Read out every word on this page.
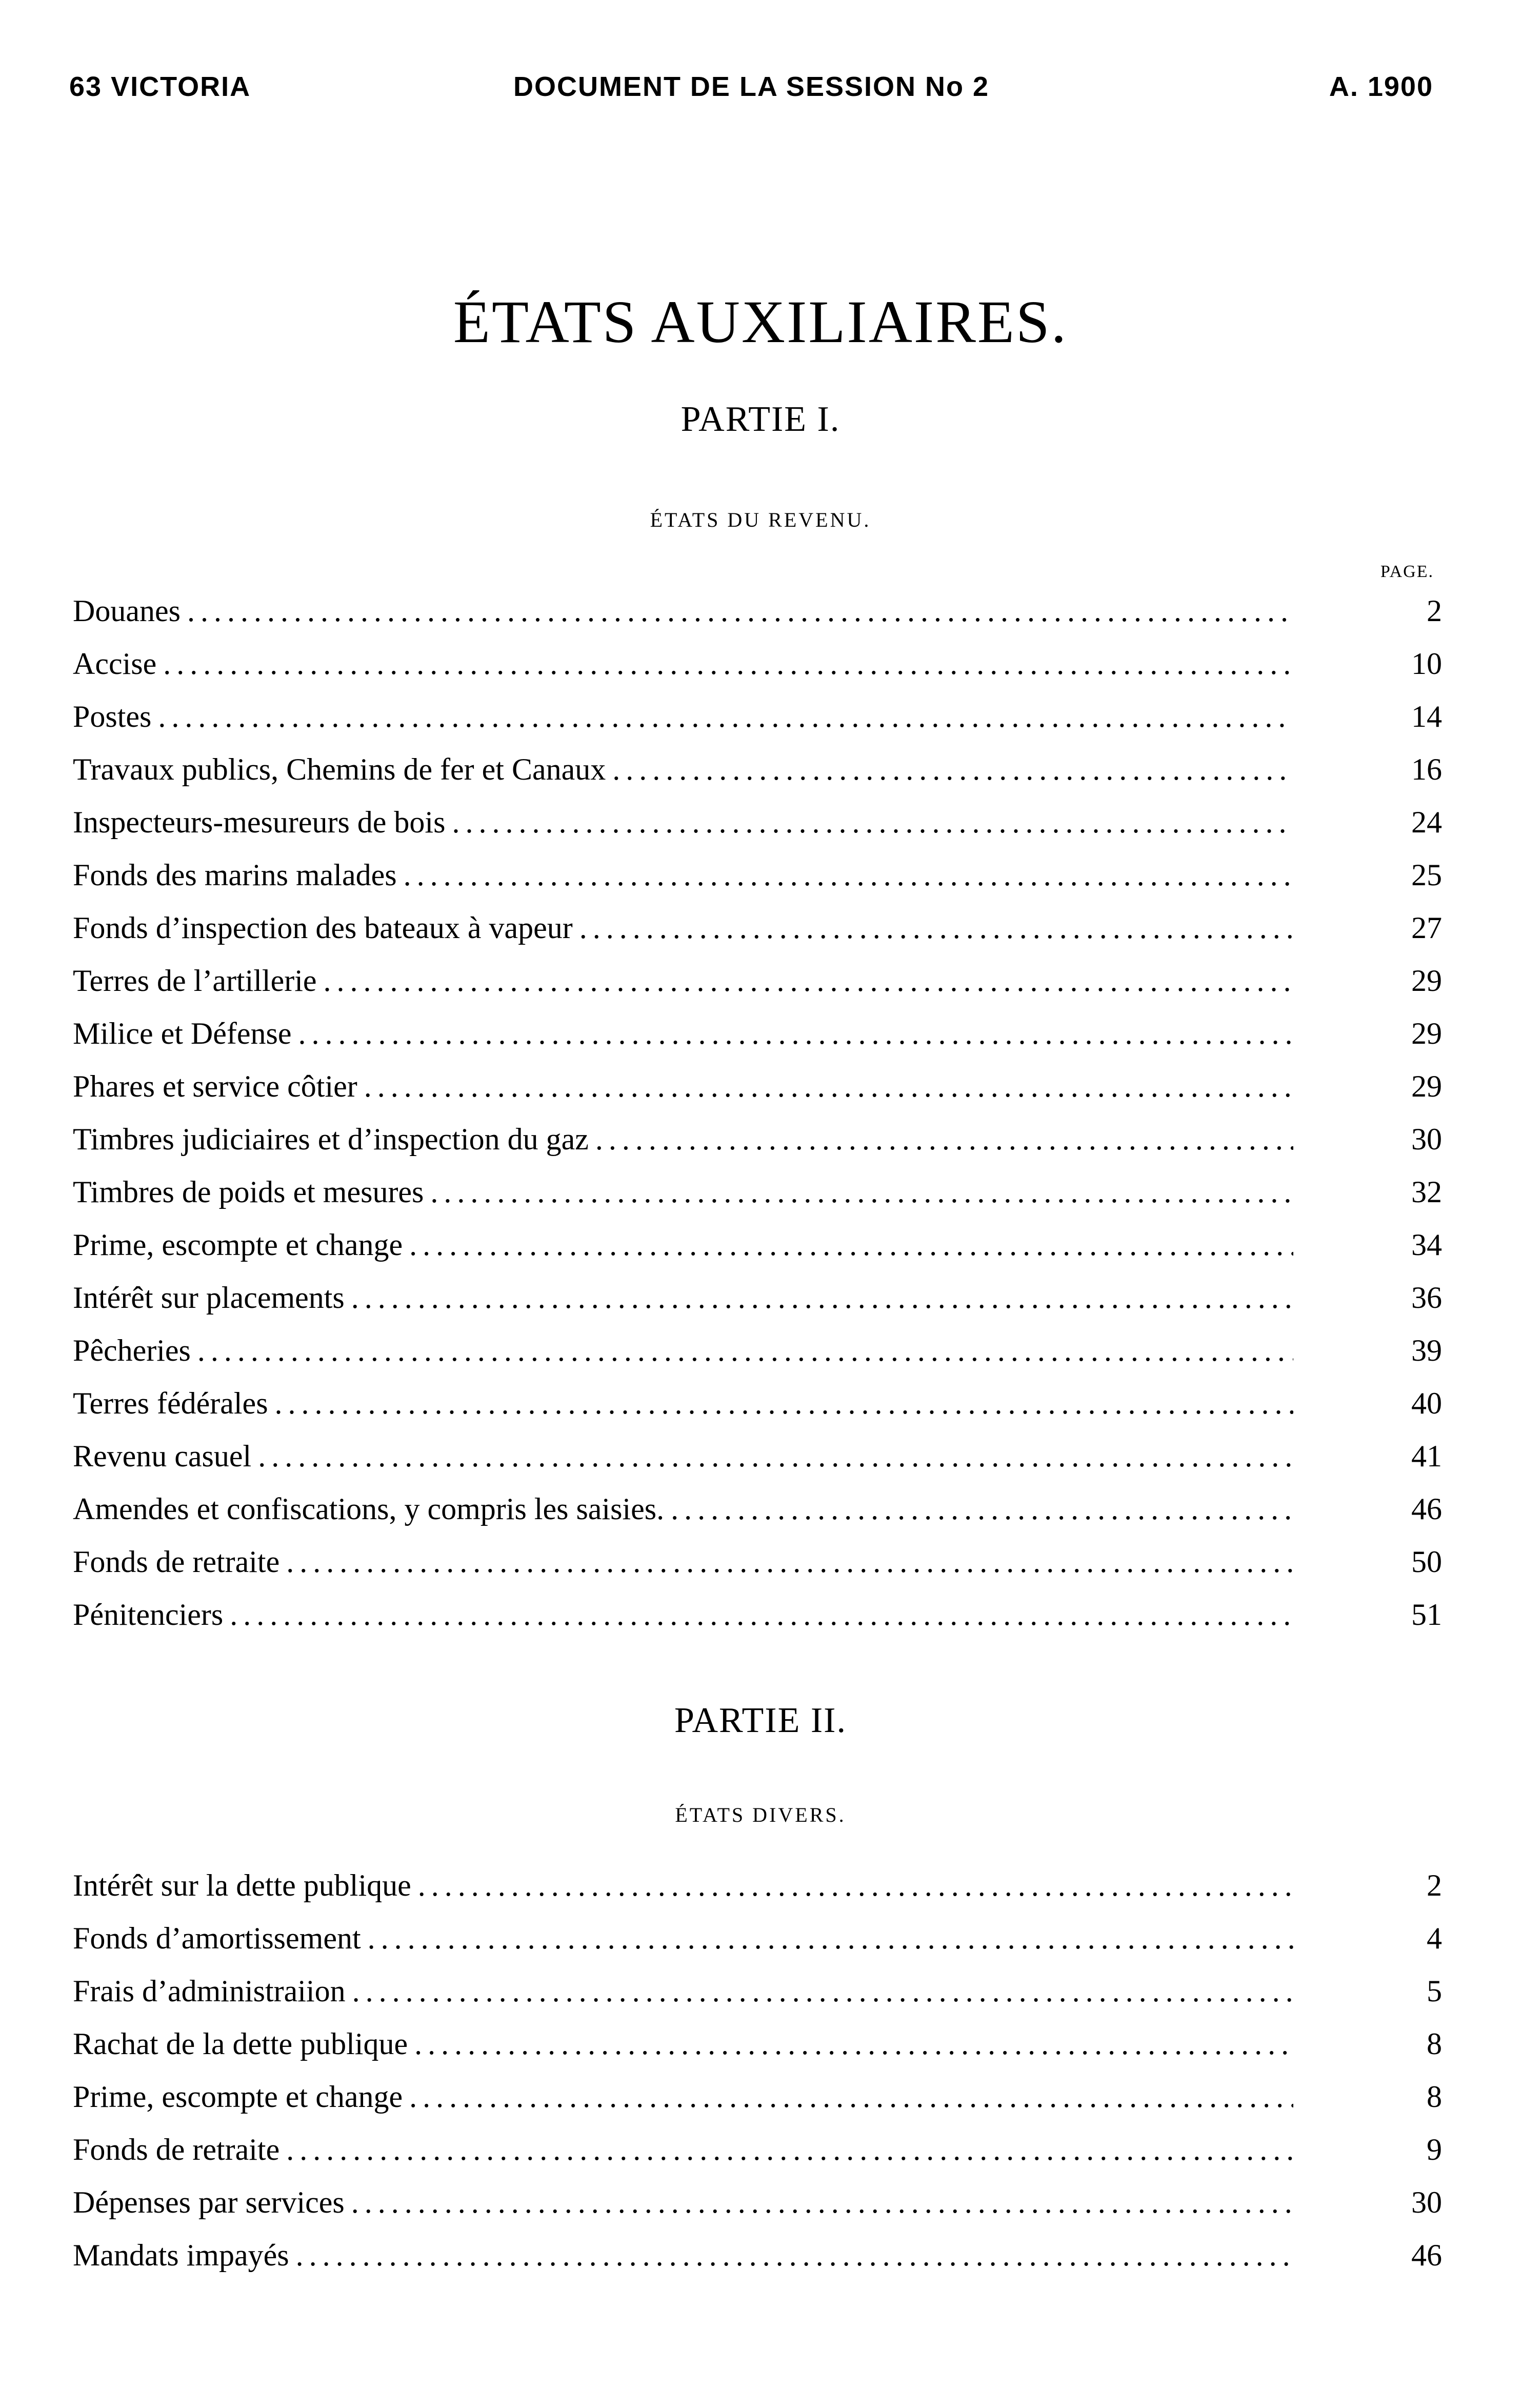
63 VICTORIA	DOCUMENT DE LA SESSION No 2	A. 1900
ÉTATS AUXILIAIRES.
PARTIE I.
ÉTATS DU REVENU.
PAGE.
Douanes . . .	2
Accise . . .	10
Postes . . .	14
Travaux publics, Chemins de fer et Canaux . . .	16
Inspecteurs-mesureurs de bois . . .	24
Fonds des marins malades . . .	25
Fonds d’inspection des bateaux à vapeur . . .	27
Terres de l’artillerie . . .	29
Milice et Défense . . .	29
Phares et service côtier . . .	29
Timbres judiciaires et d’inspection du gaz . . .	30
Timbres de poids et mesures . . .	32
Prime, escompte et change . . .	34
Intérêt sur placements . . .	36
Pêcheries . . .	39
Terres fédérales . . .	40
Revenu casuel . . .	41
Amendes et confiscations, y compris les saisies. . . .	46
Fonds de retraite . . .	50
Pénitenciers . . .	51
PARTIE II.
ÉTATS DIVERS.
Intérêt sur la dette publique . . .	2
Fonds d’amortissement . . .	4
Frais d’administraiion . . .	5
Rachat de la dette publique . . .	8
Prime, escompte et change . . .	8
Fonds de retraite . . .	9
Dépenses par services . . .	30
Mandats impayés . . .	46
